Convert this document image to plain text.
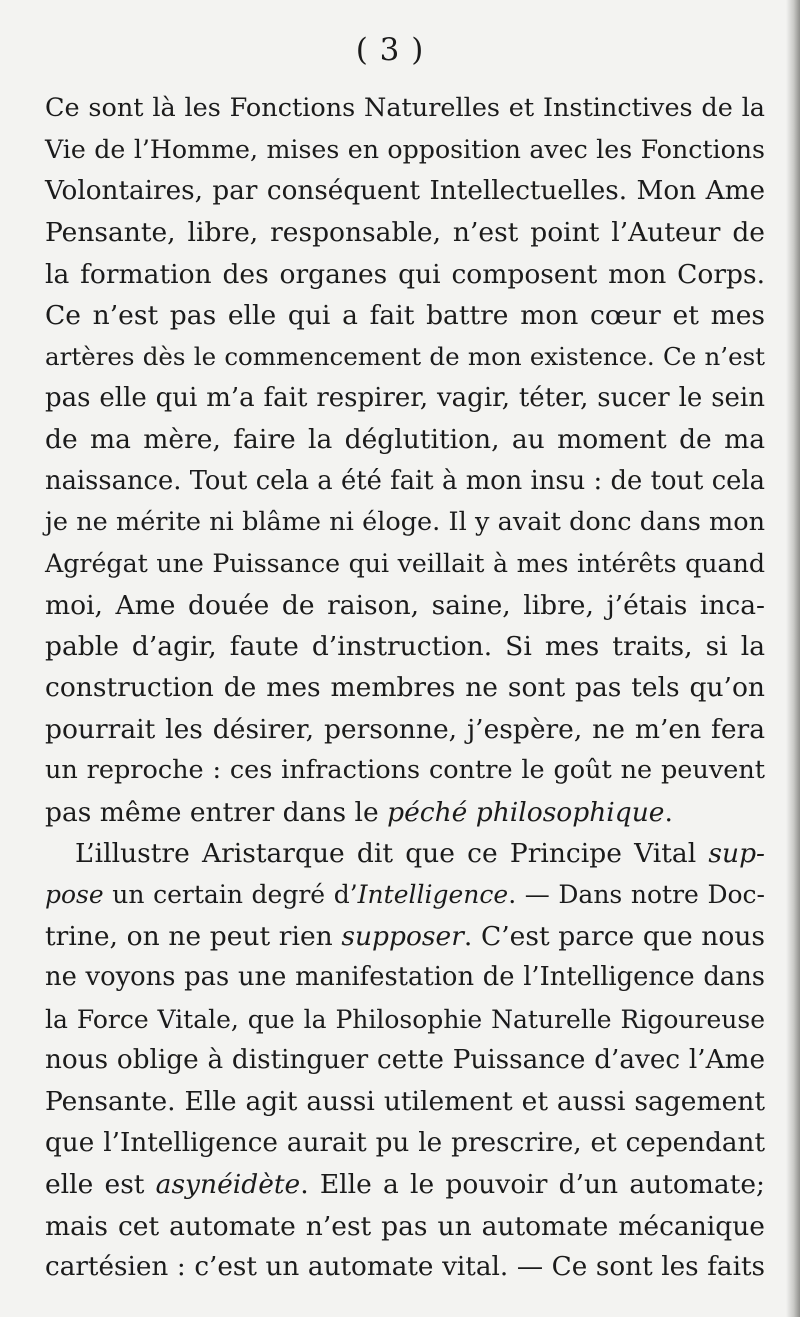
( 3 )
Ce sont là les Fonctions Naturelles et Instinctives de la
Vie de l’Homme, mises en opposition avec les Fonctions
Volontaires, par conséquent Intellectuelles. Mon Ame
Pensante, libre, responsable, n’est point l’Auteur de
la formation des organes qui composent mon Corps.
Ce n’est pas elle qui a fait battre mon cœur et mes
artères dès le commencement de mon existence. Ce n’est
pas elle qui m’a fait respirer, vagir, téter, sucer le sein
de ma mère, faire la déglutition, au moment de ma
naissance. Tout cela a été fait à mon insu : de tout cela
je ne mérite ni blâme ni éloge. Il y avait donc dans mon
Agrégat une Puissance qui veillait à mes intérêts quand
moi, Ame douée de raison, saine, libre, j’étais inca-
pable d’agir, faute d’instruction. Si mes traits, si la
construction de mes membres ne sont pas tels qu’on
pourrait les désirer, personne, j’espère, ne m’en fera
un reproche : ces infractions contre le goût ne peuvent
pas même entrer dans le péché philosophique.
L’illustre Aristarque dit que ce Principe Vital sup-
pose un certain degré d’Intelligence. — Dans notre Doc-
trine, on ne peut rien supposer. C’est parce que nous
ne voyons pas une manifestation de l’Intelligence dans
la Force Vitale, que la Philosophie Naturelle Rigoureuse
nous oblige à distinguer cette Puissance d’avec l’Ame
Pensante. Elle agit aussi utilement et aussi sagement
que l’Intelligence aurait pu le prescrire, et cependant
elle est asynéidète. Elle a le pouvoir d’un automate;
mais cet automate n’est pas un automate mécanique
cartésien : c’est un automate vital. — Ce sont les faits
